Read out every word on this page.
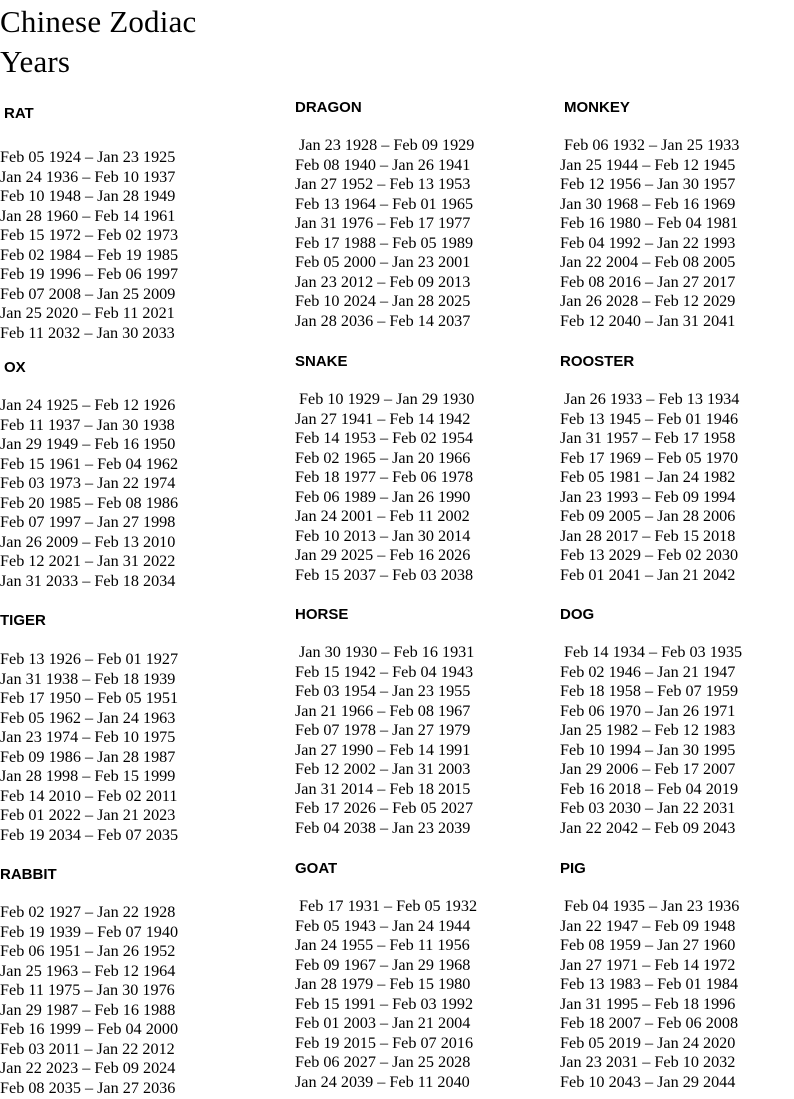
Chinese Zodiac
Years
RAT
Feb 05 1924 – Jan 23 1925
Jan 24 1936 – Feb 10 1937
Feb 10 1948 – Jan 28 1949
Jan 28 1960 – Feb 14 1961
Feb 15 1972 – Feb 02 1973
Feb 02 1984 – Feb 19 1985
Feb 19 1996 – Feb 06 1997
Feb 07 2008 – Jan 25 2009
Jan 25 2020 – Feb 11 2021
Feb 11 2032 – Jan 30 2033
OX
Jan 24 1925 – Feb 12 1926
Feb 11 1937 – Jan 30 1938
Jan 29 1949 – Feb 16 1950
Feb 15 1961 – Feb 04 1962
Feb 03 1973 – Jan 22 1974
Feb 20 1985 – Feb 08 1986
Feb 07 1997 – Jan 27 1998
Jan 26 2009 – Feb 13 2010
Feb 12 2021 – Jan 31 2022
Jan 31 2033 – Feb 18 2034
TIGER
Feb 13 1926 – Feb 01 1927
Jan 31 1938 – Feb 18 1939
Feb 17 1950 – Feb 05 1951
Feb 05 1962 – Jan 24 1963
Jan 23 1974 – Feb 10 1975
Feb 09 1986 – Jan 28 1987
Jan 28 1998 – Feb 15 1999
Feb 14 2010 – Feb 02 2011
Feb 01 2022 – Jan 21 2023
Feb 19 2034 – Feb 07 2035
RABBIT
Feb 02 1927 – Jan 22 1928
Feb 19 1939 – Feb 07 1940
Feb 06 1951 – Jan 26 1952
Jan 25 1963 – Feb 12 1964
Feb 11 1975 – Jan 30 1976
Jan 29 1987 – Feb 16 1988
Feb 16 1999 – Feb 04 2000
Feb 03 2011 – Jan 22 2012
Jan 22 2023 – Feb 09 2024
Feb 08 2035 – Jan 27 2036
DRAGON
Jan 23 1928 – Feb 09 1929
Feb 08 1940 – Jan 26 1941
Jan 27 1952 – Feb 13 1953
Feb 13 1964 – Feb 01 1965
Jan 31 1976 – Feb 17 1977
Feb 17 1988 – Feb 05 1989
Feb 05 2000 – Jan 23 2001
Jan 23 2012 – Feb 09 2013
Feb 10 2024 – Jan 28 2025
Jan 28 2036 – Feb 14 2037
SNAKE
Feb 10 1929 – Jan 29 1930
Jan 27 1941 – Feb 14 1942
Feb 14 1953 – Feb 02 1954
Feb 02 1965 – Jan 20 1966
Feb 18 1977 – Feb 06 1978
Feb 06 1989 – Jan 26 1990
Jan 24 2001 – Feb 11 2002
Feb 10 2013 – Jan 30 2014
Jan 29 2025 – Feb 16 2026
Feb 15 2037 – Feb 03 2038
HORSE
Jan 30 1930 – Feb 16 1931
Feb 15 1942 – Feb 04 1943
Feb 03 1954 – Jan 23 1955
Jan 21 1966 – Feb 08 1967
Feb 07 1978 – Jan 27 1979
Jan 27 1990 – Feb 14 1991
Feb 12 2002 – Jan 31 2003
Jan 31 2014 – Feb 18 2015
Feb 17 2026 – Feb 05 2027
Feb 04 2038 – Jan 23 2039
GOAT
Feb 17 1931 – Feb 05 1932
Feb 05 1943 – Jan 24 1944
Jan 24 1955 – Feb 11 1956
Feb 09 1967 – Jan 29 1968
Jan 28 1979 – Feb 15 1980
Feb 15 1991 – Feb 03 1992
Feb 01 2003 – Jan 21 2004
Feb 19 2015 – Feb 07 2016
Feb 06 2027 – Jan 25 2028
Jan 24 2039 – Feb 11 2040
MONKEY
Feb 06 1932 – Jan 25 1933
Jan 25 1944 – Feb 12 1945
Feb 12 1956 – Jan 30 1957
Jan 30 1968 – Feb 16 1969
Feb 16 1980 – Feb 04 1981
Feb 04 1992 – Jan 22 1993
Jan 22 2004 – Feb 08 2005
Feb 08 2016 – Jan 27 2017
Jan 26 2028 – Feb 12 2029
Feb 12 2040 – Jan 31 2041
ROOSTER
Jan 26 1933 – Feb 13 1934
Feb 13 1945 – Feb 01 1946
Jan 31 1957 – Feb 17 1958
Feb 17 1969 – Feb 05 1970
Feb 05 1981 – Jan 24 1982
Jan 23 1993 – Feb 09 1994
Feb 09 2005 – Jan 28 2006
Jan 28 2017 – Feb 15 2018
Feb 13 2029 – Feb 02 2030
Feb 01 2041 – Jan 21 2042
DOG
Feb 14 1934 – Feb 03 1935
Feb 02 1946 – Jan 21 1947
Feb 18 1958 – Feb 07 1959
Feb 06 1970 – Jan 26 1971
Jan 25 1982 – Feb 12 1983
Feb 10 1994 – Jan 30 1995
Jan 29 2006 – Feb 17 2007
Feb 16 2018 – Feb 04 2019
Feb 03 2030 – Jan 22 2031
Jan 22 2042 – Feb 09 2043
PIG
Feb 04 1935 – Jan 23 1936
Jan 22 1947 – Feb 09 1948
Feb 08 1959 – Jan 27 1960
Jan 27 1971 – Feb 14 1972
Feb 13 1983 – Feb 01 1984
Jan 31 1995 – Feb 18 1996
Feb 18 2007 – Feb 06 2008
Feb 05 2019 – Jan 24 2020
Jan 23 2031 – Feb 10 2032
Feb 10 2043 – Jan 29 2044
